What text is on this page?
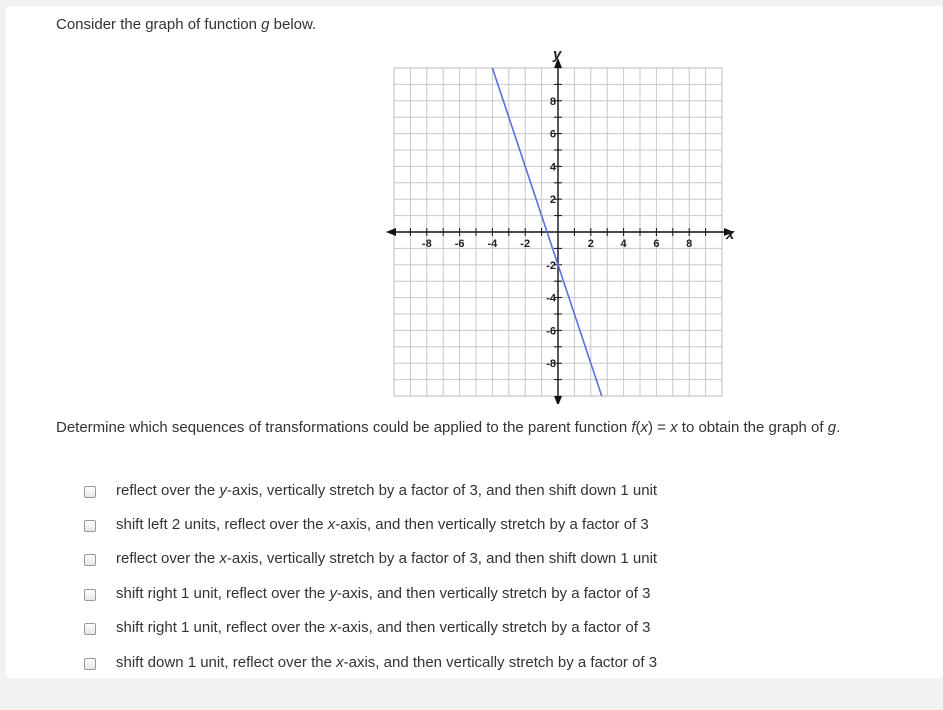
Consider the graph of function g below.
-8 -6 -4 -2	2 4 6 8
8
6
4
2
-2
-4
-6
-8
x
y
Determine which sequences of transformations could be applied to the parent function f(x) = x to obtain the graph of g.
reflect over the y-axis, vertically stretch by a factor of 3, and then shift down 1 unit
shift left 2 units, reflect over the x-axis, and then vertically stretch by a factor of 3
reflect over the x-axis, vertically stretch by a factor of 3, and then shift down 1 unit
shift right 1 unit, reflect over the y-axis, and then vertically stretch by a factor of 3
shift right 1 unit, reflect over the x-axis, and then vertically stretch by a factor of 3
shift down 1 unit, reflect over the x-axis, and then vertically stretch by a factor of 3
